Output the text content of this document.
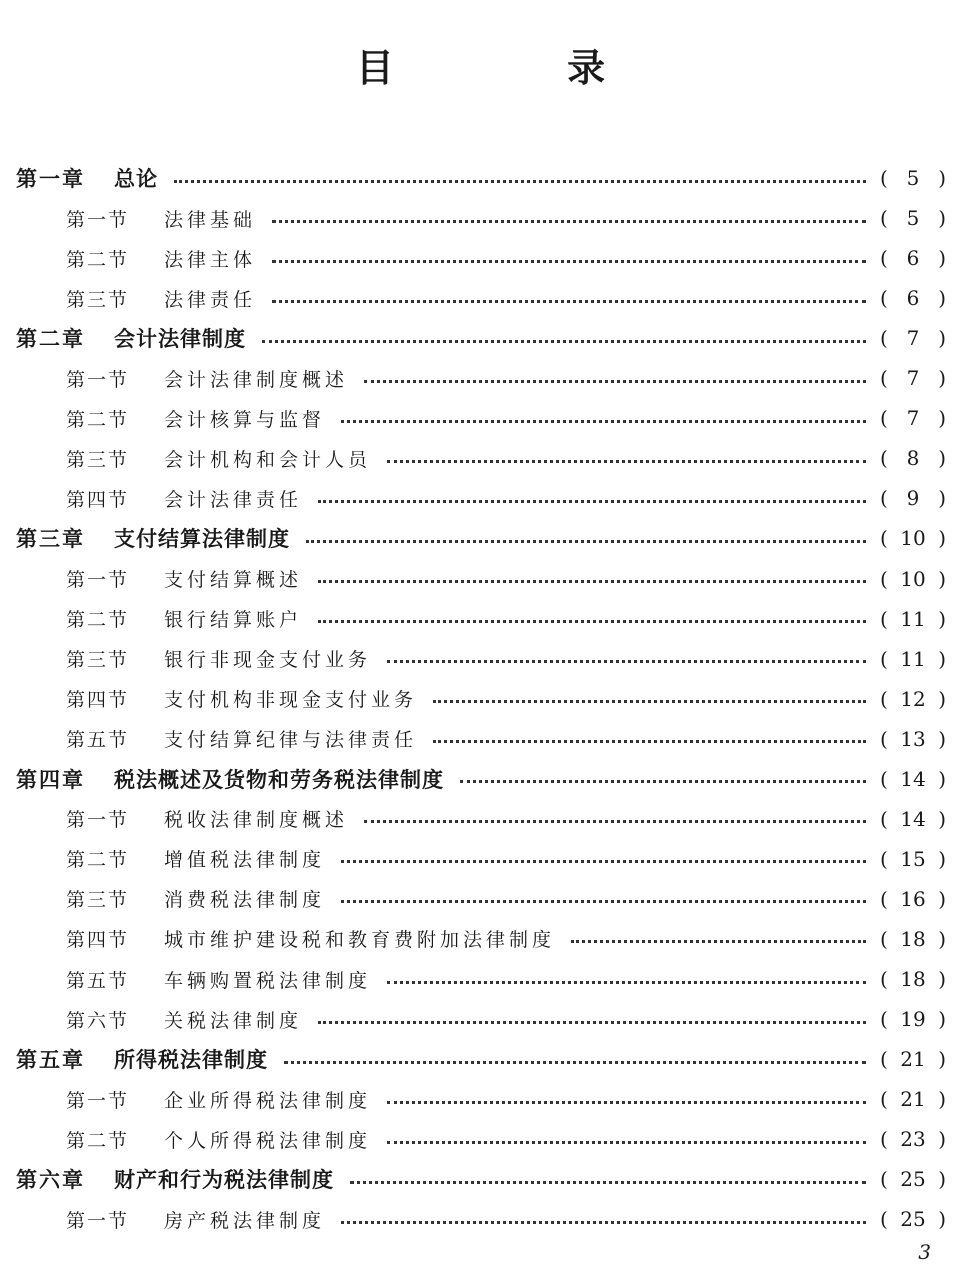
目 录
第一章	总论	( 5 )
第一节	法律基础	( 5 )
第二节	法律主体	( 6 )
第三节	法律责任	( 6 )
第二章	会计法律制度	( 7 )
第一节	会计法律制度概述	( 7 )
第二节	会计核算与监督	( 7 )
第三节	会计机构和会计人员	( 8 )
第四节	会计法律责任	( 9 )
第三章	支付结算法律制度	( 10 )
第一节	支付结算概述	( 10 )
第二节	银行结算账户	( 11 )
第三节	银行非现金支付业务	( 11 )
第四节	支付机构非现金支付业务	( 12 )
第五节	支付结算纪律与法律责任	( 13 )
第四章	税法概述及货物和劳务税法律制度	( 14 )
第一节	税收法律制度概述	( 14 )
第二节	增值税法律制度	( 15 )
第三节	消费税法律制度	( 16 )
第四节	城市维护建设税和教育费附加法律制度	( 18 )
第五节	车辆购置税法律制度	( 18 )
第六节	关税法律制度	( 19 )
第五章	所得税法律制度	( 21 )
第一节	企业所得税法律制度	( 21 )
第二节	个人所得税法律制度	( 23 )
第六章	财产和行为税法律制度	( 25 )
第一节	房产税法律制度	( 25 )
3
